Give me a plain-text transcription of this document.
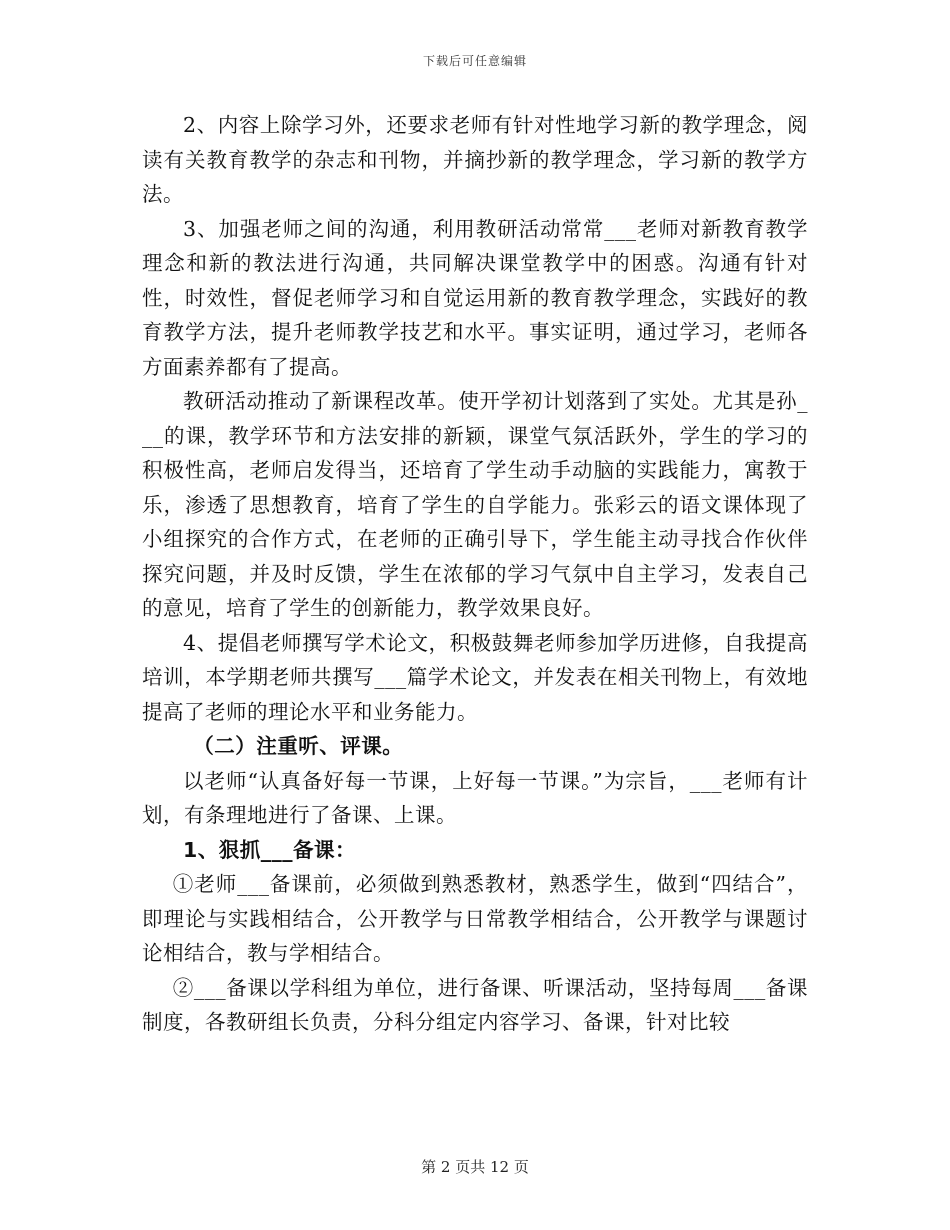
下载后可任意编辑

2、内容上除学习外，还要求老师有针对性地学习新的教学理念，阅读有关教育教学的杂志和刊物，并摘抄新的教学理念，学习新的教学方法。

3、加强老师之间的沟通，利用教研活动常常___老师对新教育教学理念和新的教法进行沟通，共同解决课堂教学中的困惑。沟通有针对性，时效性，督促老师学习和自觉运用新的教育教学理念，实践好的教育教学方法，提升老师教学技艺和水平。事实证明，通过学习，老师各方面素养都有了提高。

教研活动推动了新课程改革。使开学初计划落到了实处。尤其是孙___的课，教学环节和方法安排的新颖，课堂气氛活跃外，学生的学习的积极性高，老师启发得当，还培育了学生动手动脑的实践能力，寓教于乐，渗透了思想教育，培育了学生的自学能力。张彩云的语文课体现了小组探究的合作方式，在老师的正确引导下，学生能主动寻找合作伙伴探究问题，并及时反馈，学生在浓郁的学习气氛中自主学习，发表自己的意见，培育了学生的创新能力，教学效果良好。

4、提倡老师撰写学术论文，积极鼓舞老师参加学历进修，自我提高培训，本学期老师共撰写___篇学术论文，并发表在相关刊物上，有效地提高了老师的理论水平和业务能力。

（二）注重听、评课。

以老师“认真备好每一节课，上好每一节课。”为宗旨，___老师有计划，有条理地进行了备课、上课。

1、狠抓___备课：

①老师___备课前，必须做到熟悉教材，熟悉学生，做到“四结合”，即理论与实践相结合，公开教学与日常教学相结合，公开教学与课题讨论相结合，教与学相结合。

②___备课以学科组为单位，进行备课、听课活动，坚持每周___备课制度，各教研组长负责，分科分组定内容学习、备课，针对比较

第 2 页共 12 页
